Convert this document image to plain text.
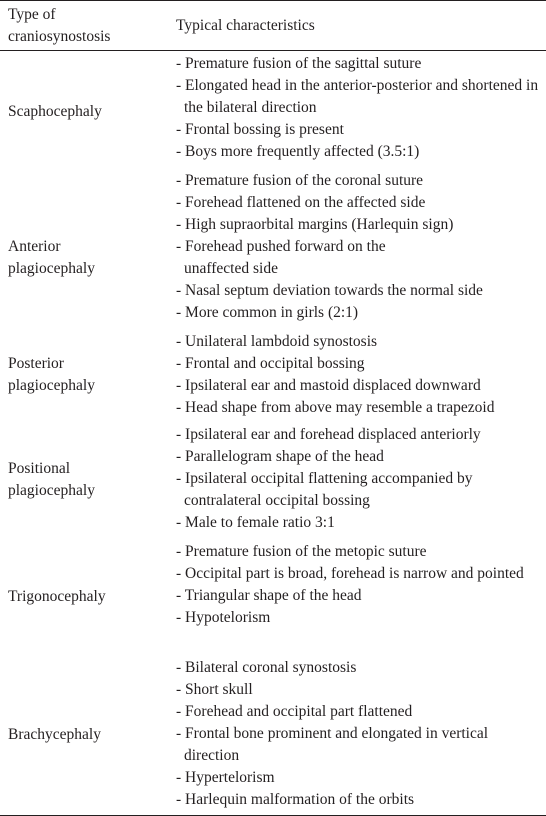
Type of
craniosynostosis
Typical characteristics
Scaphocephaly
- Premature fusion of the sagittal suture
- Elongated head in the anterior-posterior and shortened in the bilateral direction
- Frontal bossing is present
- Boys more frequently affected (3.5:1)
Anterior
plagiocephaly
- Premature fusion of the coronal suture
- Forehead flattened on the affected side
- High supraorbital margins (Harlequin sign)
- Forehead pushed forward on the unaffected side
- Nasal septum deviation towards the normal side
- More common in girls (2:1)
Posterior
plagiocephaly
- Unilateral lambdoid synostosis
- Frontal and occipital bossing
- Ipsilateral ear and mastoid displaced downward
- Head shape from above may resemble a trapezoid
Positional
plagiocephaly
- Ipsilateral ear and forehead displaced anteriorly
- Parallelogram shape of the head
- Ipsilateral occipital flattening accompanied by contralateral occipital bossing
- Male to female ratio 3:1
Trigonocephaly
- Premature fusion of the metopic suture
- Occipital part is broad, forehead is narrow and pointed
- Triangular shape of the head
- Hypotelorism
Brachycephaly
- Bilateral coronal synostosis
- Short skull
- Forehead and occipital part flattened
- Frontal bone prominent and elongated in vertical direction
- Hypertelorism
- Harlequin malformation of the orbits
